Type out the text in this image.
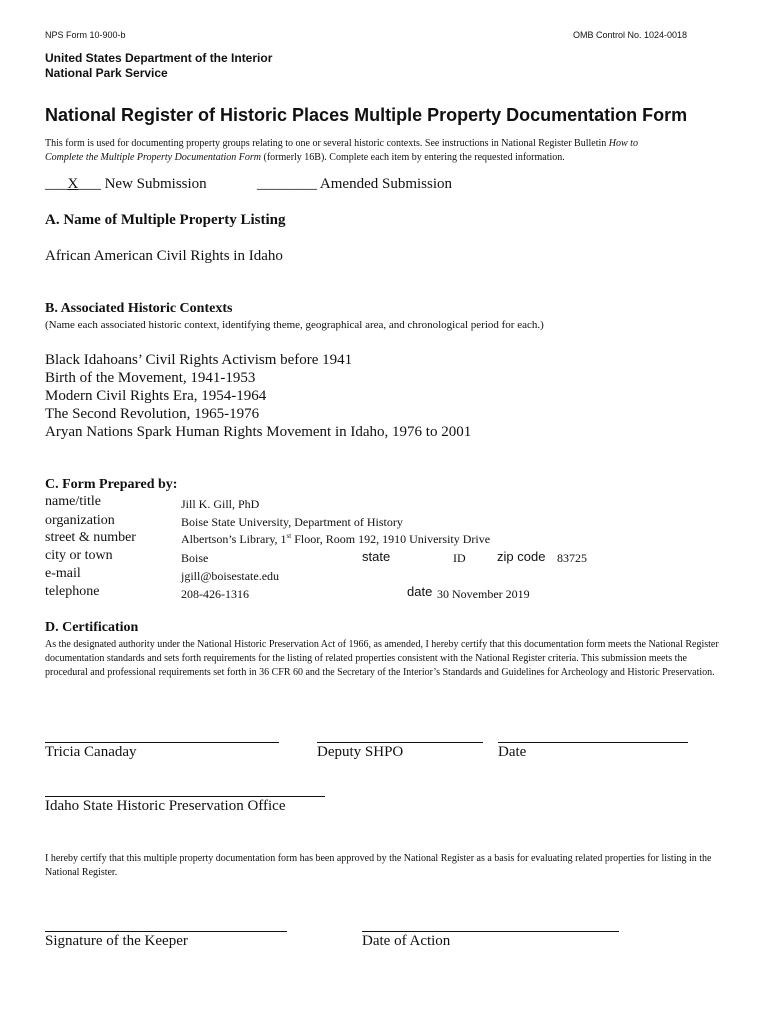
NPS Form 10-900-b	OMB Control No. 1024-0018
United States Department of the Interior
National Park Service
National Register of Historic Places Multiple Property Documentation Form
This form is used for documenting property groups relating to one or several historic contexts. See instructions in National Register Bulletin How to
Complete the Multiple Property Documentation Form (formerly 16B). Complete each item by entering the requested information.
___X___ New Submission	________ Amended Submission
A. Name of Multiple Property Listing
African American Civil Rights in Idaho
B. Associated Historic Contexts
(Name each associated historic context, identifying theme, geographical area, and chronological period for each.)
Black Idahoans’ Civil Rights Activism before 1941
Birth of the Movement, 1941-1953
Modern Civil Rights Era, 1954-1964
The Second Revolution, 1965-1976
Aryan Nations Spark Human Rights Movement in Idaho, 1976 to 2001
C. Form Prepared by:
name/title	Jill K. Gill, PhD
organization	Boise State University, Department of History
street & number	Albertson’s Library, 1st Floor, Room 192, 1910 University Drive
city or town	Boise	state	ID zip code 83725
e-mail	jgill@boisestate.edu
telephone	208-426-1316	date 30 November 2019
D. Certification
As the designated authority under the National Historic Preservation Act of 1966, as amended, I hereby certify that this documentation form meets the National Register documentation standards and sets forth requirements for the listing of related properties consistent with the National Register criteria. This submission meets the procedural and professional requirements set forth in 36 CFR 60 and the Secretary of the Interior’s Standards and Guidelines for Archeology and Historic Preservation.
Tricia Canaday	Deputy SHPO	Date
Idaho State Historic Preservation Office
I hereby certify that this multiple property documentation form has been approved by the National Register as a basis for evaluating related properties for listing in the National Register.
Signature of the Keeper	Date of Action
